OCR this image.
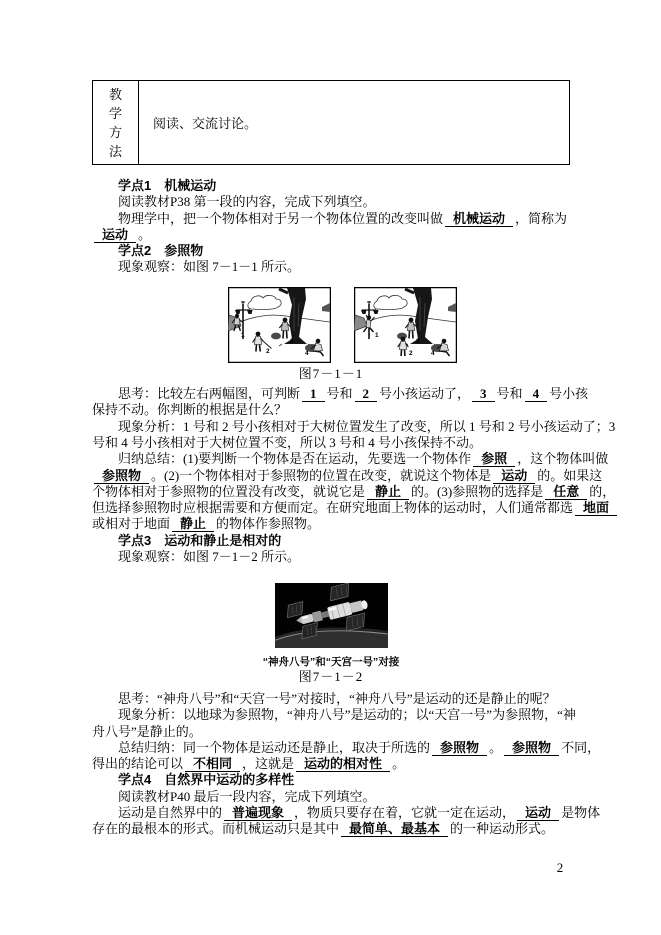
教学方法
阅读、交流讨论。
学点1　机械运动
阅读教材P38 第一段的内容，完成下列填空。
物理学中，把一个物体相对于另一个物体位置的改变叫做 机械运动 ，简称为
运动 。
学点2　参照物
现象观察：如图 7－1－1 所示。
1
2
3
4
1
2
3
4
图7－1－1
思考：比较左右两幅图，可判断 1 号和 2 号小孩运动了， 3 号和 4 号小孩
保持不动。你判断的根据是什么？
现象分析：1 号和 2 号小孩相对于大树位置发生了改变，所以 1 号和 2 号小孩运动了；3
号和 4 号小孩相对于大树位置不变，所以 3 号和 4 号小孩保持不动。
归纳总结：(1)要判断一个物体是否在运动，先要选一个物体作 参照 ，这个物体叫做
参照物 。(2)一个物体相对于参照物的位置在改变，就说这个物体是 运动 的。如果这
个物体相对于参照物的位置没有改变，就说它是 静止 的。(3)参照物的选择是 任意 的，
但选择参照物时应根据需要和方便而定。在研究地面上物体的运动时，人们通常都选 地面
或相对于地面 静止 的物体作参照物。
学点3　运动和静止是相对的
现象观察：如图 7－1－2 所示。
“神舟八号”和“天宫一号”对接
图7－1－2
思考：“神舟八号”和“天宫一号”对接时，“神舟八号”是运动的还是静止的呢？
现象分析：以地球为参照物，“神舟八号”是运动的；以“天宫一号”为参照物，“神
舟八号”是静止的。
总结归纳：同一个物体是运动还是静止，取决于所选的 参照物 。 参照物 不同，
得出的结论可以 不相同 ，这就是 运动的相对性 。
学点4　自然界中运动的多样性
阅读教材P40 最后一段内容，完成下列填空。
运动是自然界中的 普遍现象 ，物质只要存在着，它就一定在运动， 运动 是物体
存在的最根本的形式。而机械运动只是其中 最简单、最基本 的一种运动形式。
2
